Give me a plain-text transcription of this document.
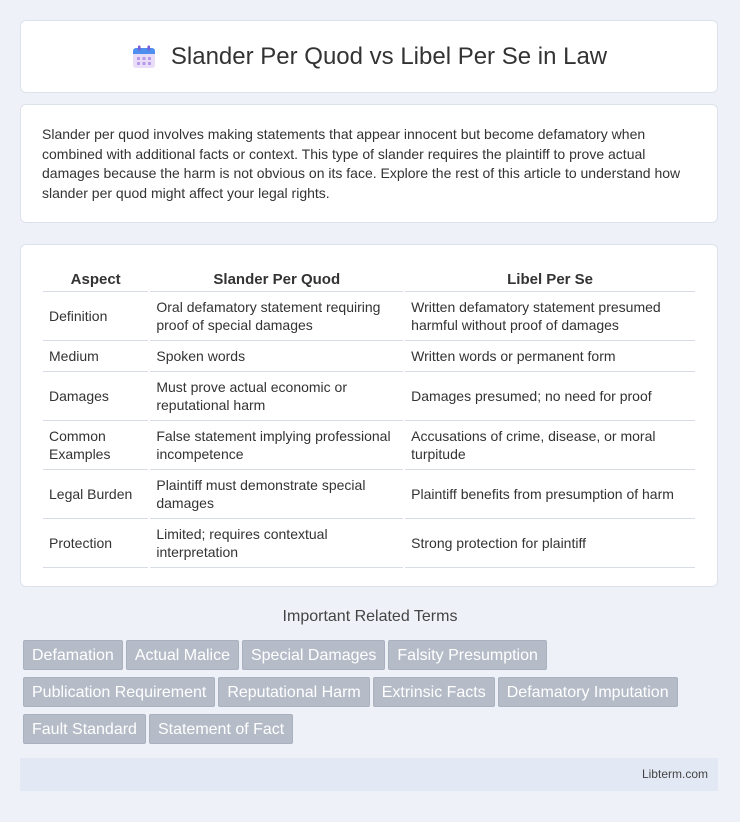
Slander Per Quod vs Libel Per Se in Law

Slander per quod involves making statements that appear innocent but become defamatory when combined with additional facts or context. This type of slander requires the plaintiff to prove actual damages because the harm is not obvious on its face. Explore the rest of this article to understand how slander per quod might affect your legal rights.

Aspect	Slander Per Quod	Libel Per Se
Definition	Oral defamatory statement requiring proof of special damages	Written defamatory statement presumed harmful without proof of damages
Medium	Spoken words	Written words or permanent form
Damages	Must prove actual economic or reputational harm	Damages presumed; no need for proof
Common Examples	False statement implying professional incompetence	Accusations of crime, disease, or moral turpitude
Legal Burden	Plaintiff must demonstrate special damages	Plaintiff benefits from presumption of harm
Protection	Limited; requires contextual interpretation	Strong protection for plaintiff
Important Related Terms
Defamation Actual Malice Special Damages Falsity Presumption
Publication Requirement Reputational Harm Extrinsic Facts Defamatory Imputation
Fault Standard Statement of Fact
Libterm.com
